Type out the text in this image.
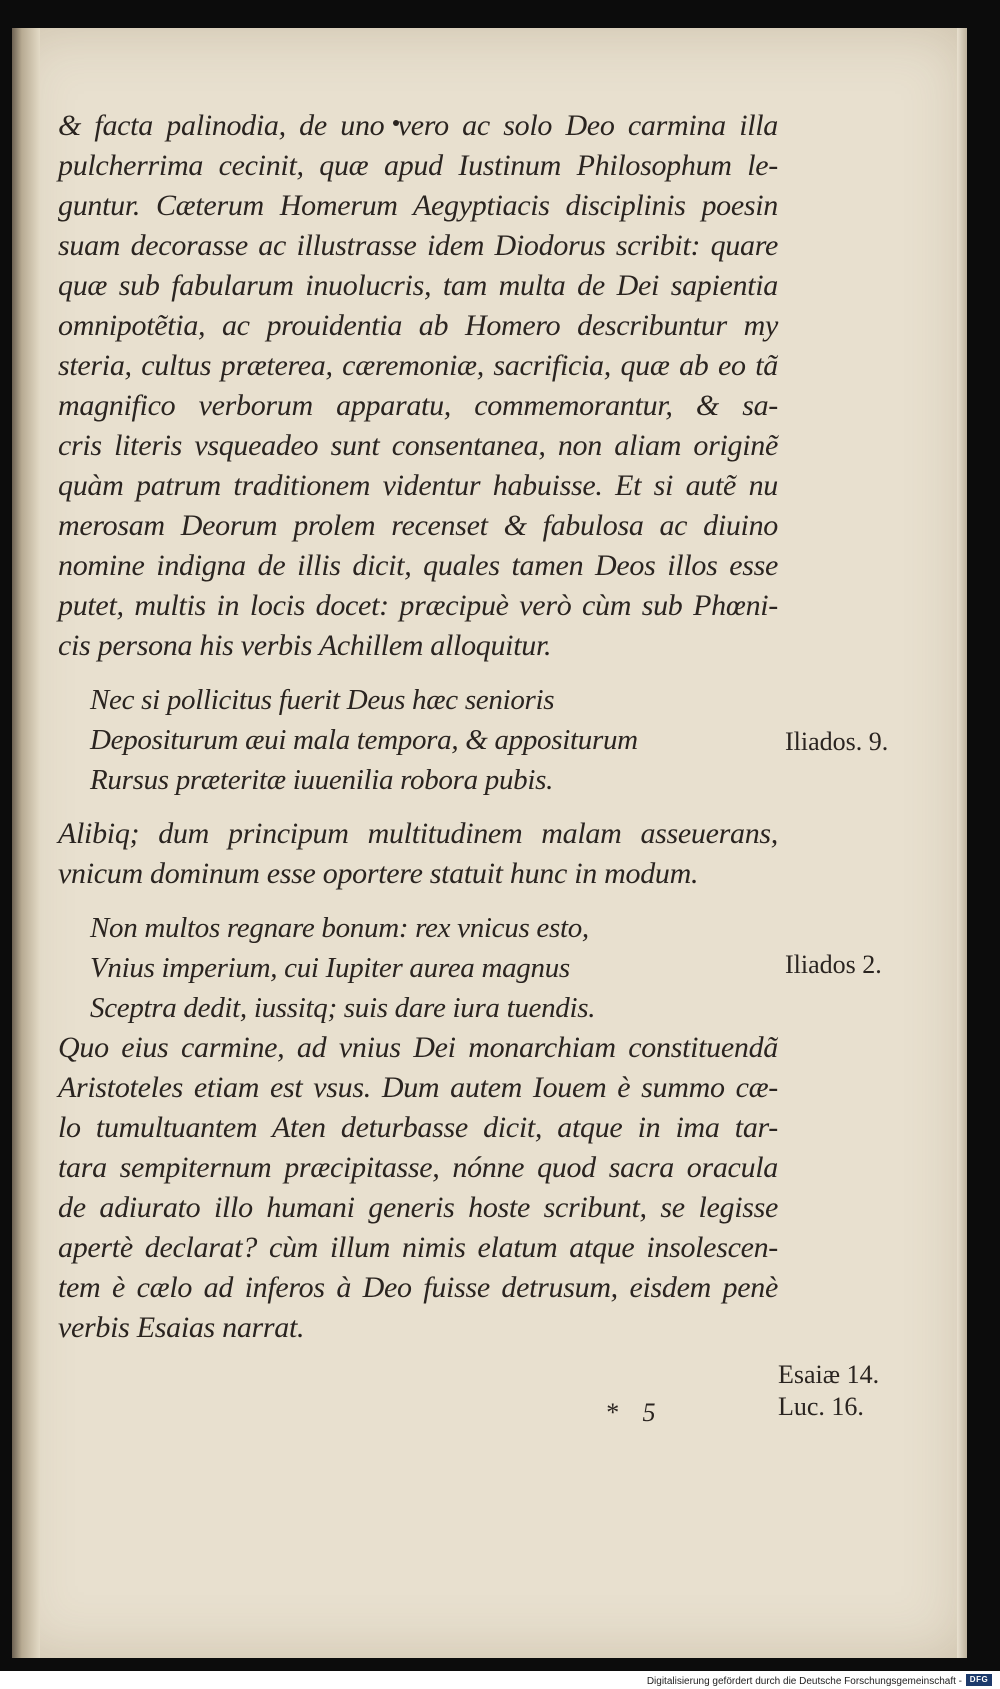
& facta palinodia, de uno vero ac solo Deo carmina illa
pulcherrima cecinit, quæ apud Iustinum Philosophum le-
guntur. Cæterum Homerum Aegyptiacis disciplinis poesin
suam decorasse ac illustrasse idem Diodorus scribit: quare
quæ sub fabularum inuolucris, tam multa de Dei sapientia
omnipotẽtia, ac prouidentia ab Homero describuntur my
steria, cultus præterea, cæremoniæ, sacrificia, quæ ab eo tã
magnifico verborum apparatu, commemorantur, & sa-
cris literis vsqueadeo sunt consentanea, non aliam originẽ
quàm patrum traditionem videntur habuisse. Et si autẽ nu
merosam Deorum prolem recenset & fabulosa ac diuino
nomine indigna de illis dicit, quales tamen Deos illos esse
putet, multis in locis docet: præcipuè verò cùm sub Phœni-
cis persona his verbis Achillem alloquitur.
Nec si pollicitus fuerit Deus hæc senioris
Depositurum æui mala tempora, & appositurum
Rursus præteritæ iuuenilia robora pubis.
Alibiq; dum principum multitudinem malam asseuerans,
vnicum dominum esse oportere statuit hunc in modum.
Non multos regnare bonum: rex vnicus esto,
Vnius imperium, cui Iupiter aurea magnus
Sceptra dedit, iussitq; suis dare iura tuendis.
Quo eius carmine, ad vnius Dei monarchiam constituendã
Aristoteles etiam est vsus. Dum autem Iouem è summo cæ-
lo tumultuantem Aten deturbasse dicit, atque in ima tar-
tara sempiternum præcipitasse, nónne quod sacra oracula
de adiurato illo humani generis hoste scribunt, se legisse
apertè declarat? cùm illum nimis elatum atque insolescen-
tem è cælo ad inferos à Deo fuisse detrusum, eisdem penè
verbis Esaias narrat.
Iliados. 9.
Iliados 2.
Esaiæ 14.
Luc. 16.
* 5
Digitalisierung gefördert durch die Deutsche Forschungsgemeinschaft - DFG
